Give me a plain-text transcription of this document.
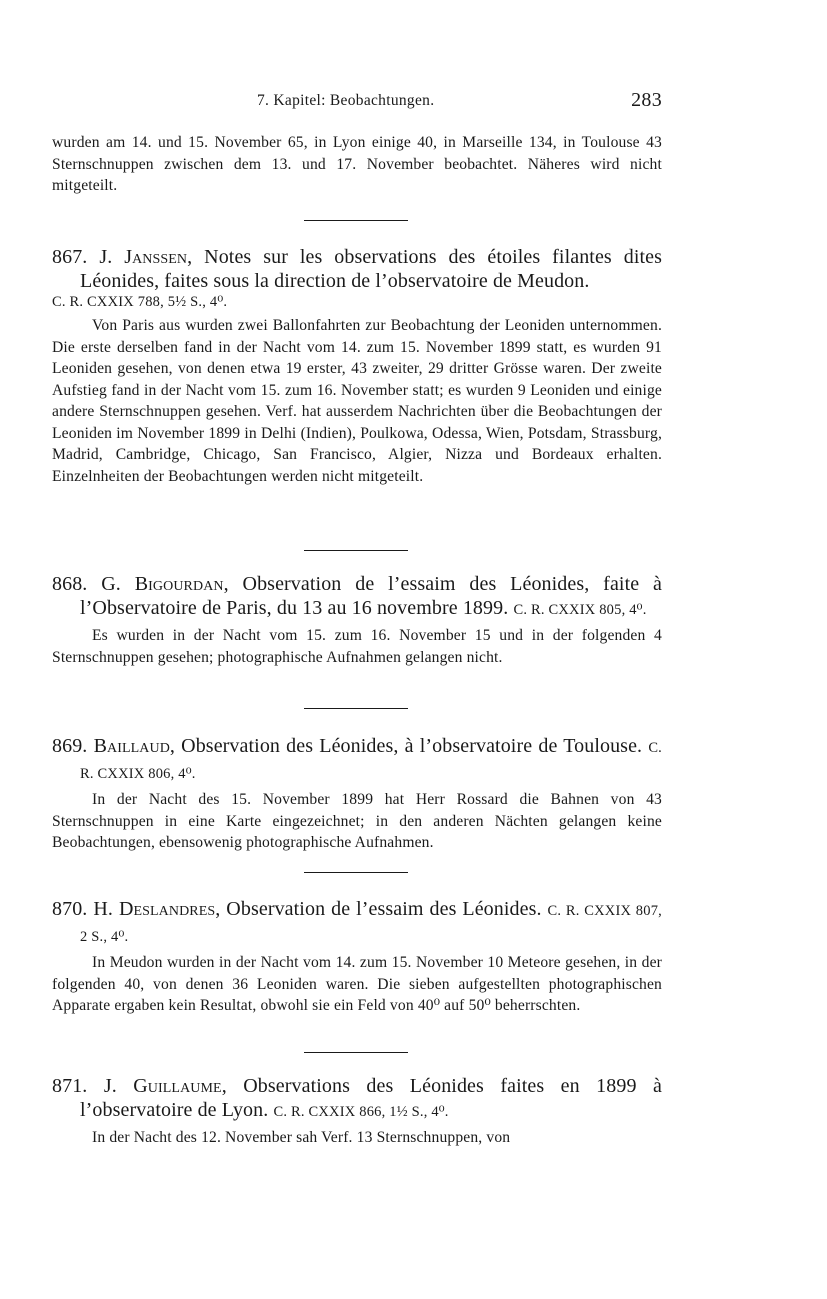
7. Kapitel: Beobachtungen.	283
wurden am 14. und 15. November 65, in Lyon einige 40, in Marseille 134, in Toulouse 43 Sternschnuppen zwischen dem 13. und 17. November beobachtet. Näheres wird nicht mitgeteilt.
867. J. Janssen, Notes sur les observations des étoiles filantes dites Léonides, faites sous la direction de l’observatoire de Meudon.
C. R. CXXIX 788, 5½ S., 4⁰.
Von Paris aus wurden zwei Ballonfahrten zur Beobachtung der Leoniden unternommen. Die erste derselben fand in der Nacht vom 14. zum 15. November 1899 statt, es wurden 91 Leoniden gesehen, von denen etwa 19 erster, 43 zweiter, 29 dritter Grösse waren. Der zweite Aufstieg fand in der Nacht vom 15. zum 16. November statt; es wurden 9 Leoniden und einige andere Sternschnuppen gesehen. Verf. hat ausserdem Nachrichten über die Beobachtungen der Leoniden im November 1899 in Delhi (Indien), Poulkowa, Odessa, Wien, Potsdam, Strassburg, Madrid, Cambridge, Chicago, San Francisco, Algier, Nizza und Bordeaux erhalten. Einzelnheiten der Beobachtungen werden nicht mitgeteilt.
868. G. Bigourdan, Observation de l’essaim des Léonides, faite à l’Observatoire de Paris, du 13 au 16 novembre 1899. C. R. CXXIX 805, 4⁰.
Es wurden in der Nacht vom 15. zum 16. November 15 und in der folgenden 4 Sternschnuppen gesehen; photographische Aufnahmen gelangen nicht.
869. Baillaud, Observation des Léonides, à l’observatoire de Toulouse. C. R. CXXIX 806, 4⁰.
In der Nacht des 15. November 1899 hat Herr Rossard die Bahnen von 43 Sternschnuppen in eine Karte eingezeichnet; in den anderen Nächten gelangen keine Beobachtungen, ebensowenig photographische Aufnahmen.
870. H. Deslandres, Observation de l’essaim des Léonides. C. R. CXXIX 807, 2 S., 4⁰.
In Meudon wurden in der Nacht vom 14. zum 15. November 10 Meteore gesehen, in der folgenden 40, von denen 36 Leoniden waren. Die sieben aufgestellten photographischen Apparate ergaben kein Resultat, obwohl sie ein Feld von 40⁰ auf 50⁰ beherrschten.
871. J. Guillaume, Observations des Léonides faites en 1899 à l’observatoire de Lyon. C. R. CXXIX 866, 1½ S., 4⁰.
In der Nacht des 12. November sah Verf. 13 Sternschnuppen, von
